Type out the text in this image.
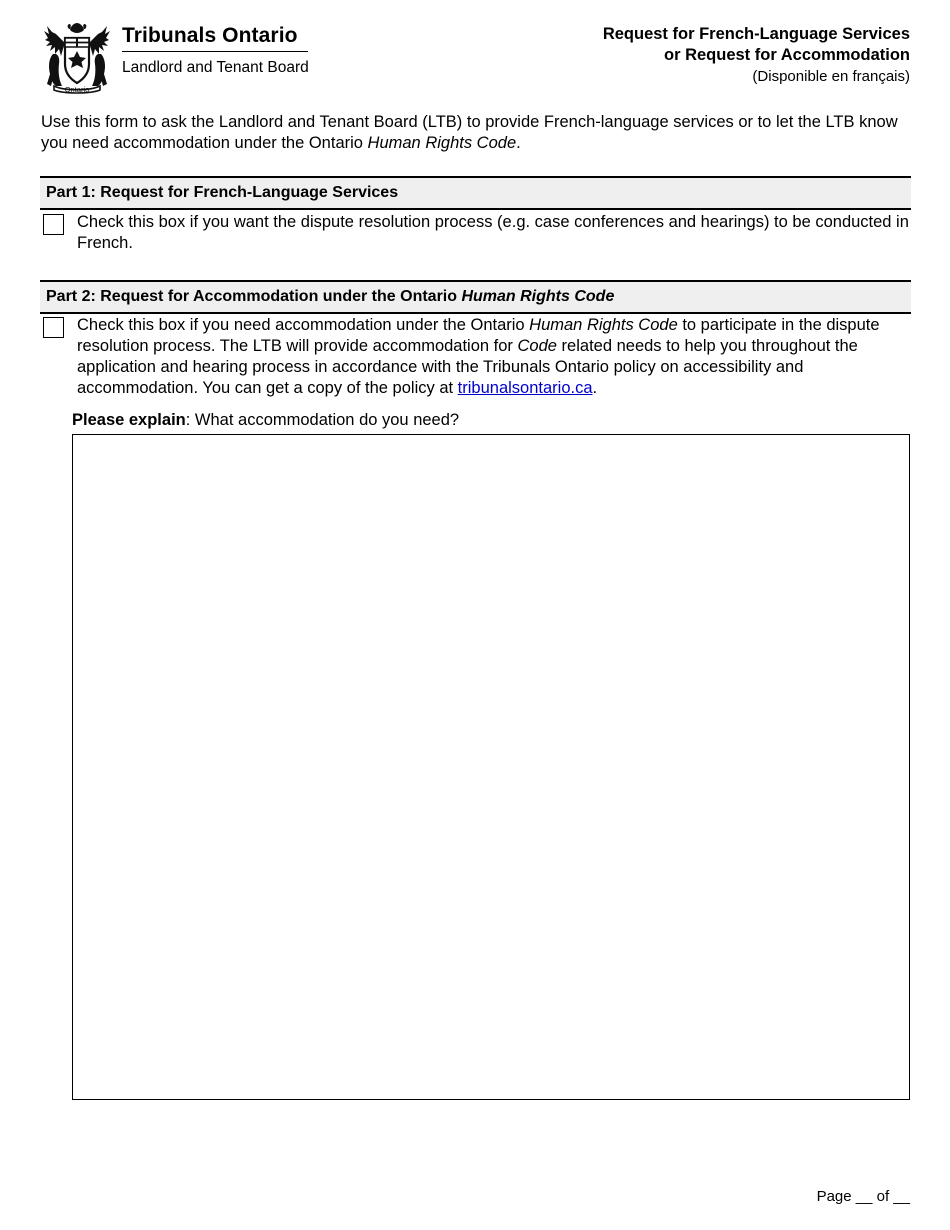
Ontario
Tribunals Ontario
Landlord and Tenant Board
Request for French-Language Services
or Request for Accommodation
(Disponible en français)
Use this form to ask the Landlord and Tenant Board (LTB) to provide French-language services or to let the LTB know you need accommodation under the Ontario Human Rights Code.
Part 1: Request for French-Language Services
Check this box if you want the dispute resolution process (e.g. case conferences and hearings) to be conducted in French.
Part 2: Request for Accommodation under the Ontario Human Rights Code
Check this box if you need accommodation under the Ontario Human Rights Code to participate in the dispute resolution process. The LTB will provide accommodation for Code related needs to help you throughout the application and hearing process in accordance with the Tribunals Ontario policy on accessibility and accommodation. You can get a copy of the policy at tribunalsontario.ca.
Please explain: What accommodation do you need?
Page __ of __
